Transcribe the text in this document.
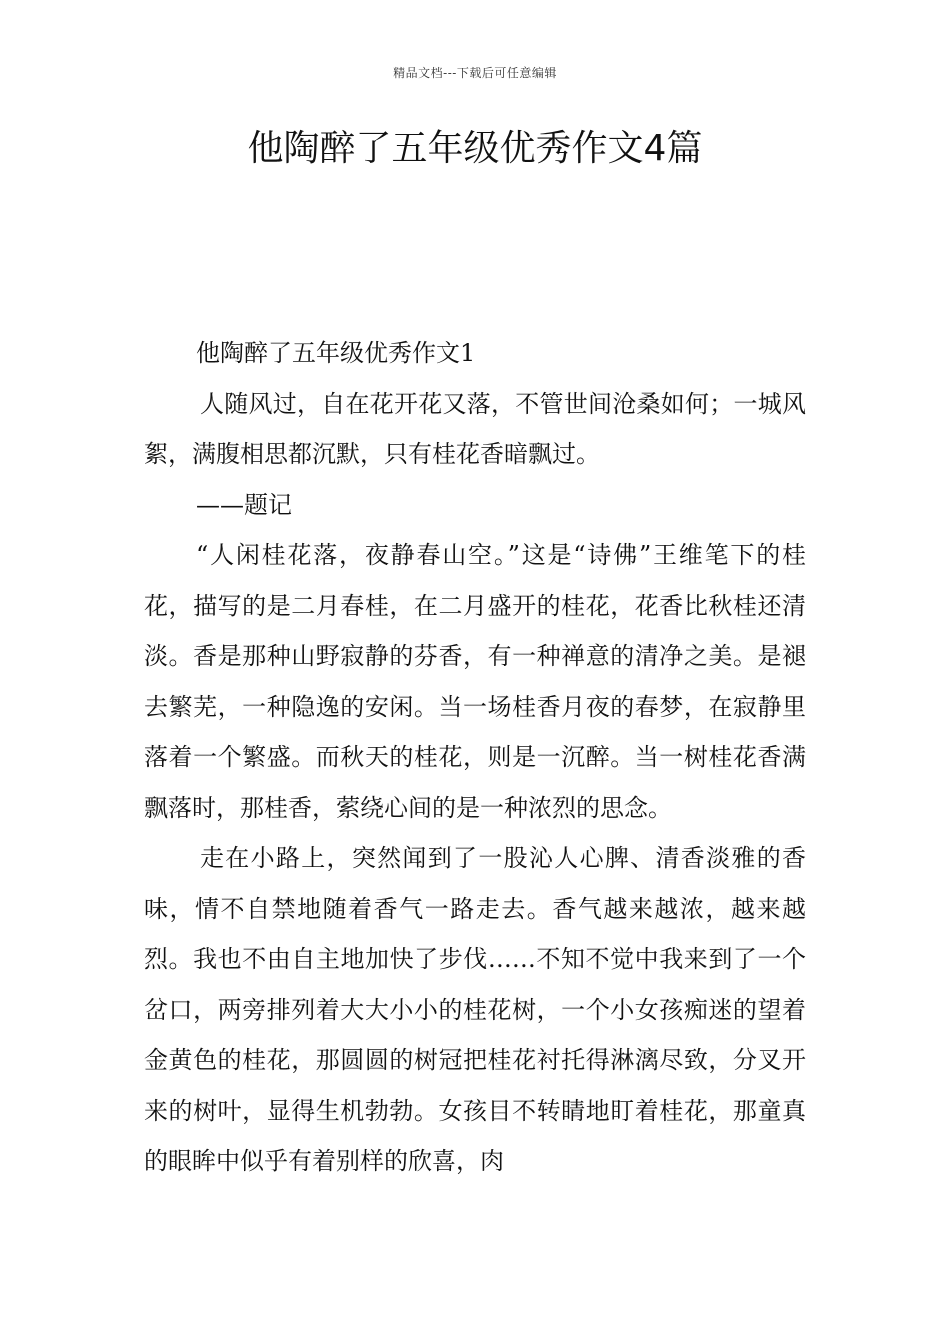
精品文档---下载后可任意编辑
他陶醉了五年级优秀作文4篇

他陶醉了五年级优秀作文1

人随风过，自在花开花又落，不管世间沧桑如何；一城风絮，满腹相思都沉默，只有桂花香暗飘过。

——题记

“人闲桂花落，夜静春山空。”这是“诗佛”王维笔下的桂花，描写的是二月春桂，在二月盛开的桂花，花香比秋桂还清淡。香是那种山野寂静的芬香，有一种禅意的清净之美。是褪去繁芜，一种隐逸的安闲。当一场桂香月夜的春梦，在寂静里落着一个繁盛。而秋天的桂花，则是一沉醉。当一树桂花香满飘落时，那桂香，萦绕心间的是一种浓烈的思念。

走在小路上，突然闻到了一股沁人心脾、清香淡雅的香味，情不自禁地随着香气一路走去。香气越来越浓，越来越烈。我也不由自主地加快了步伐……不知不觉中我来到了一个岔口，两旁排列着大大小小的桂花树，一个小女孩痴迷的望着金黄色的桂花，那圆圆的树冠把桂花衬托得淋漓尽致，分叉开来的树叶，显得生机勃勃。女孩目不转睛地盯着桂花，那童真的眼眸中似乎有着别样的欣喜，肉
